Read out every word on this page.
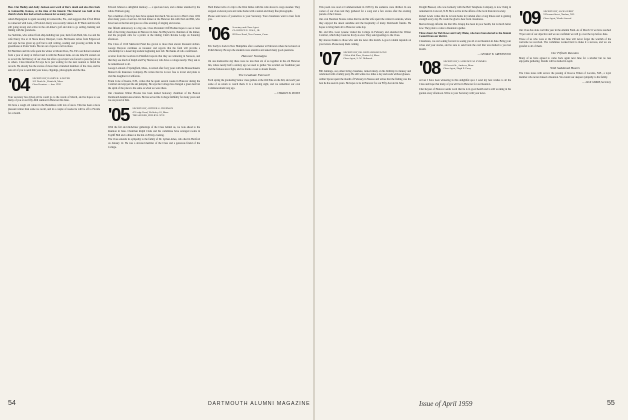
Hon. Clat Hadley and Andy Jackson sent word of Rex's death and also flew back to Gainesville, Kansas, at the time of the funeral. The funeral was held at the church where Rex had served as deacon for so many years.

Adam Bergengren is again sweating in Gainesville, Fla., and suggests that if Ted Milan is connected with Lane, of Florida Liberty was recently visited. At 87 Buck and his wife still going strong and active in the old-timer's golf and able to go sailing, hunting and fishing with his grandsons.

Joe Stebbins, who retired from ship-building last year, hails from Bath, Me. Joe and his wife Nancy live at 12 Shore Road, Westport, Conn. Hal Keene writes from Edgewood and says he has given up golf but is still writing, reading and growing orchids in his greenhouse at Ponte Vedra. He ran out of space to tell us more.

Ed Harriman and his wife spent the winter at Mount Dora, Fla. Ed's son Robert returned from a year of study at Oxford and is with the Boston bank. At one time Ed started out to record the full history of our class but after a good start was forced to pass the job on to others. Class historian Ed says he is just waiting for the next reunion to finish his records. He already has the stories of more than a hundred members of the class, and he asks all of you to send him your notes, clippings, photographs and the like.

'04 SECRETARY, HARRY K. SAWYER
102 North St., Pittsfield, Mass.
Class Reunion — June 1959

Your secretary has driven all he could go to the wards of March, and he hopes to see many of you at our fifty-fifth reunion in Hanover this June.

We have a tough old winter in the Berkshires with lots of snow. This has been a more pleasant winter than some we recall, and in a couple of weeks he will be off to Florida for a month.

Edward Johnson a delightful memory — a spacious lawn, and a dinner attended by the whole Thirteen gang.

Not a member of the boys here have spoken that much. We are now to Burt's class 1932 after many years of service. We had dinner at the Hanover Inn with Ned and Bill, who have been at the Inn and gave us a fine evening of singing and stories.

Our fiftieth anniversary is a big one. Class President Cliff Bodine hopes to see at least half of the living classmates in Hanover in June. Sid Hayward is chairman of the dinner, and the program calls for a picnic at the Outing Club's Ravine Lodge on Saturday afternoon.

The Class of 1910 Memorial Fund has grown to more than eleven thousand dollars. George Dawson continues as treasurer and reports that the fund will provide a scholarship for a deserving student beginning next fall. He thanks all who contributed.

A letter from the Gordons in Plainfield reports that they are wintering in Sarasota, and that they see much of Ralph and Fay Sherwood, who have a cottage nearby. They ask to be remembered to all.

George Lomond of Springfield, Mass., is retired after forty years with the Massachusetts Mutual Life Insurance Company. He writes that he is now free to travel and plans to visit his daughter in California.

Frank Cone of Keene, N.H., writes that he spent several weeks in Hanover during the Carnival and enjoyed the ski jumping. He says the College has changed a great deal but the spirit of the place is the same as when we were there.

Our classmate Walter Brooks has been named honorary chairman of the Boston Dartmouth Alumni Association. He has served the College faithfully for many years and we are proud of him.

'05 SECRETARY, ARTHUR G. FREEMAN
47 Ledge Road, Wellesley 81, Mass.
TREASURER, PHILIP B. NYE

With the fall and midwinter gatherings of the Class behind us, we look ahead to the Reunion in June. Chairman Ralph Clark and his committee have arranged rooms in Topliff Hall and a dinner at the Inn on Friday evening.

The Class extends its sympathy to the family of Dr. Lyman Ames, who died in Hartford on January 12. He was a devoted member of the Class and a generous friend of the College.

Herb Parker tells of a trip to the West Indies with his wife aboard a cargo steamer. They stopped at eleven ports and came home with a suntan and many fine photographs.

Please send news of yourselves to your Secretary. Your classmates want to hear from you.

'06 Secretary and Class Agent
CLARENCE E. HALL, JR.
89 River Road, New Canaan, Conn.

Eric Kelly is back in New Hampshire after a semester at Princeton where he lectured on Polish history. He says the students were attentive and asked many good questions.

Hanover Nostalgia

On one memorable day there were no less than six of us together in the old Hanover Inn, where nearly half a century ago we used to gather. We recalled our freshman year and the famous snow fight, and we drank a toast to absent friends.

The Graduate Farewell

Each spring the graduating Senior class gathers at the Old Pine on the hill, and each year some of us return to watch them. It is a moving sight, and we remember our own Commencement long ago.

— CHARLES B. MOSES
54	DARTMOUTH ALUMNI MAGAZINE

This poem was read at Commencement in 1958 by the audience were thrilled. In one corner of our class tent they gathered for a song and a few stories after the evening parade of the Classes.

Our own Sherman Nourse writes that he and his wife spent the winter in Arizona, where they enjoyed the desert sunshine and the hospitality of many Dartmouth friends. He hopes to bring them all to Hanover some day.

Mr. and Mrs. Leon Greene visited the College in February and attended the Winter Carnival, which they found as lively as ever. They send greetings to the Class.

My sincere thanks to those who sent me news this month. A good column depends on your letters. Please keep them coming.

'07 SECRETARY, DR. RICHARDSON LOVE
2 West 45th Place, Boston 14, Mass.
Class Agent, L. W. Holbrook

Bill Jennings, our oldest living classmate, turned ninety on his birthday in January and celebrated with a family party. He still walks two miles a day and reads without glasses.

Arthur Sprout spent the month of February in Nassau and writes that the fishing was the best he has seen in years. He hopes to be in Hanover for our Fifty-Second in June.

Dwight Blessed, who was formerly with the Bell Telephone Company, is now living in retirement in Concord, N.H. He is active in the affairs of the local historical society.

Robert Lewis writes that he is back home in Camden after a long illness and is gaining strength every day. He would be glad to hear from classmates.

Merton Knapp informs me that Mrs. Knapp has been in poor health, but is much better now. They plan to come to Reunion together.

Three cheers for Bob Rowe and Carly Blake, who have been elected to the Alumni Council from our district.

Classmates, we are looking forward to seeing you all at our Reunion in June. Bring your wives and your stories, and be sure to send back the card that was mailed to you last month.

— GEORGE W. GREENWOOD
'08 SECRETARY, LAURENCE M. SYMMES
13 Everett St., Andover, Mass.
Class Agent, Hugh E. Parry

At last I have been wintering in this delightful spot. I send my best wishes to all the Class and hope that many of you will be in Hanover for our Reunion.

Chet Keyser of Hanover sends word that he is in good health and is still working in his garden every afternoon. Write to your Secretary with your news.

'09 SECRETARY, JACK GERRY
9 Pleasant Street, Nashua, N.H.
Class Agent, Worth Atwood

Our Class has done well this year in the Alumni Fund. As of March 31 we have reached 78 per cent of our objective and we are confident we will go over the top before June.

Those of us who were at the Fiftieth last June will never forget the warmth of the welcome we received. The committee worked hard to make it a success, and we are grateful to all of them.

Our Fiftieth Reunion

Many of us have agreed to come back again next June for a smaller but no less enjoyable gathering. Details will be mailed in April.

With Saddened Hearts

The Class notes with sorrow the passing of Roscoe Tilden of Laconia, N.H., a loyal member who never missed a Reunion. We extend our deepest sympathy to his family.

— JACK GERRY, Secretary
Issue of April 1959	55
